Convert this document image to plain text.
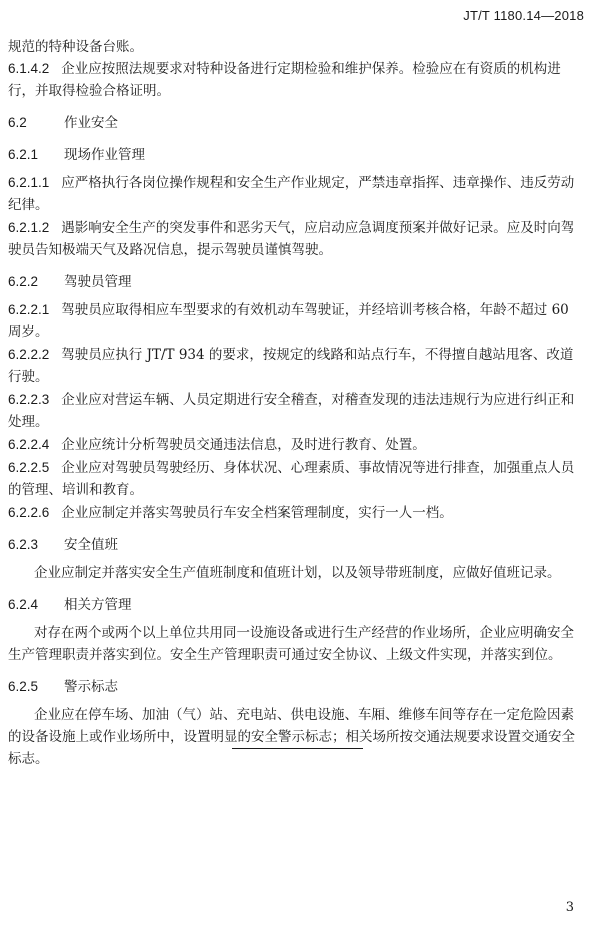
JT/T 1180.14—2018

规范的特种设备台账。

6.1.4.2 企业应按照法规要求对特种设备进行定期检验和维护保养。检验应在有资质的机构进行，并取得检验合格证明。

6.2	作业安全
6.2.1 现场作业管理

6.2.1.1 应严格执行各岗位操作规程和安全生产作业规定，严禁违章指挥、违章操作、违反劳动纪律。

6.2.1.2 遇影响安全生产的突发事件和恶劣天气，应启动应急调度预案并做好记录。应及时向驾驶员告知极端天气及路况信息，提示驾驶员谨慎驾驶。

6.2.2 驾驶员管理

6.2.2.1 驾驶员应取得相应车型要求的有效机动车驾驶证，并经培训考核合格，年龄不超过 60 周岁。

6.2.2.2 驾驶员应执行 JT/T 934 的要求，按规定的线路和站点行车，不得擅自越站甩客、改道行驶。

6.2.2.3 企业应对营运车辆、人员定期进行安全稽查，对稽查发现的违法违规行为应进行纠正和处理。

6.2.2.4 企业应统计分析驾驶员交通违法信息，及时进行教育、处置。

6.2.2.5 企业应对驾驶员驾驶经历、身体状况、心理素质、事故情况等进行排查，加强重点人员的管理、培训和教育。

6.2.2.6 企业应制定并落实驾驶员行车安全档案管理制度，实行一人一档。

6.2.3 安全值班

企业应制定并落实安全生产值班制度和值班计划，以及领导带班制度，应做好值班记录。

6.2.4 相关方管理

对存在两个或两个以上单位共用同一设施设备或进行生产经营的作业场所，企业应明确安全生产管理职责并落实到位。安全生产管理职责可通过安全协议、上级文件实现，并落实到位。

6.2.5 警示标志

企业应在停车场、加油（气）站、充电站、供电设施、车厢、维修车间等存在一定危险因素的设备设施上或作业场所中，设置明显的安全警示标志；相关场所按交通法规要求设置交通安全标志。

3
